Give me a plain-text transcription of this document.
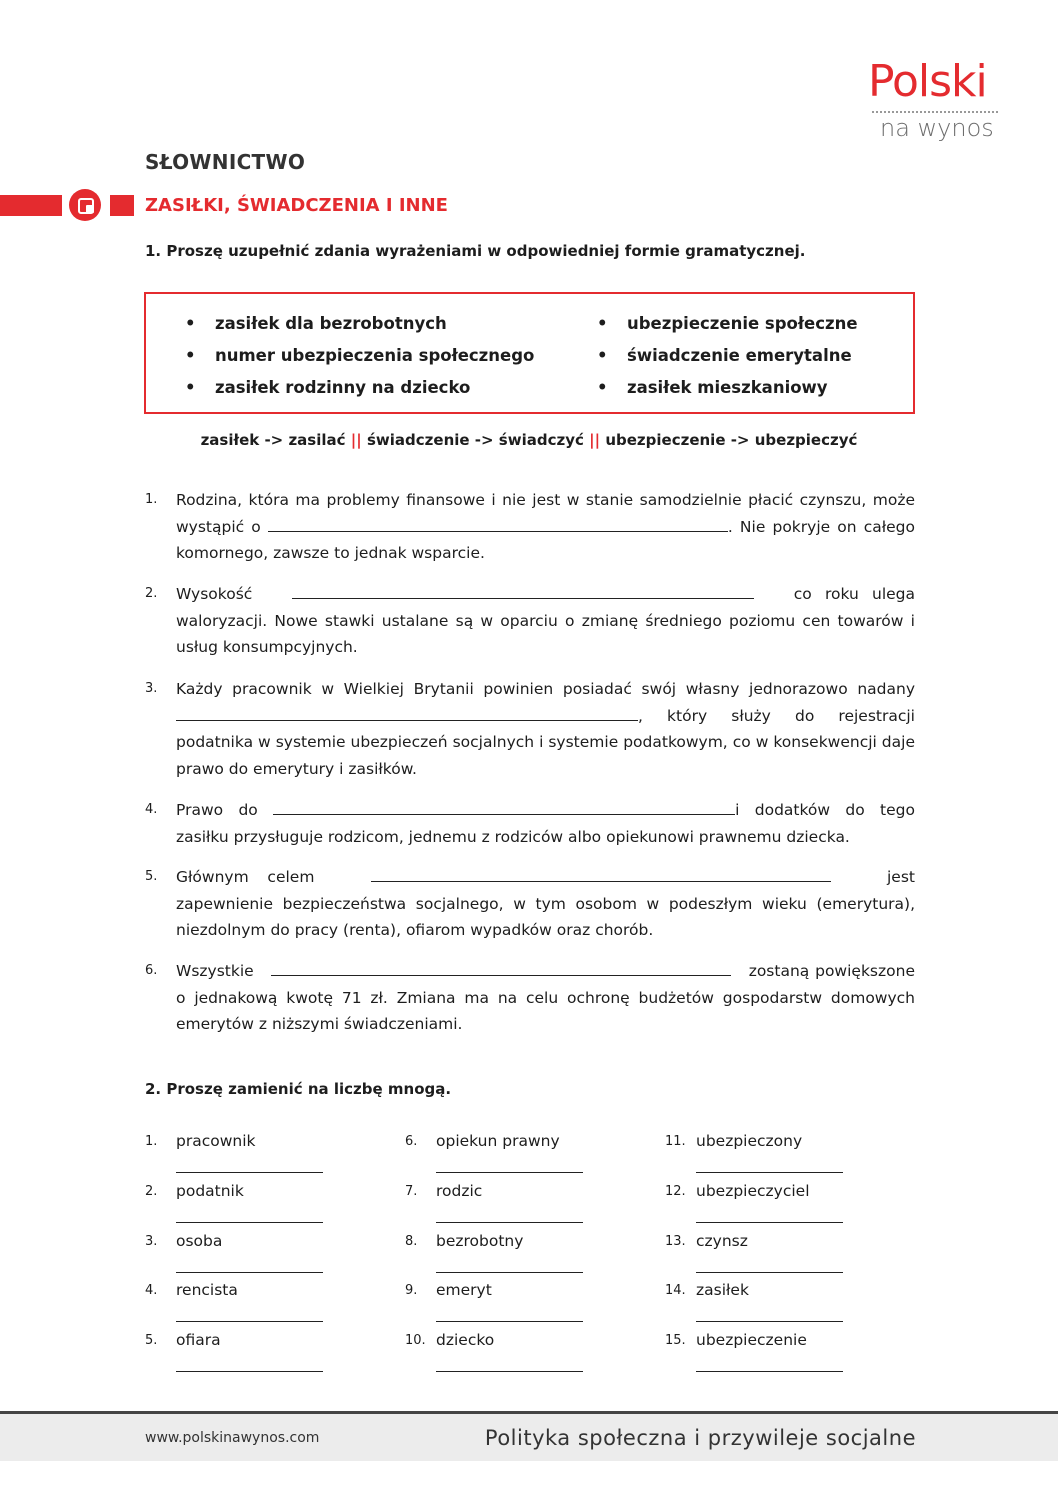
Polski
na wynos
SŁOWNICTWO
ZASIŁKI, ŚWIADCZENIA I INNE
1. Proszę uzupełnić zdania wyrażeniami w odpowiedniej formie gramatycznej.
• zasiłek dla bezrobotnych
• numer ubezpieczenia społecznego
• zasiłek rodzinny na dziecko
• ubezpieczenie społeczne
• świadczenie emerytalne
• zasiłek mieszkaniowy
zasiłek -> zasilać || świadczenie -> świadczyć || ubezpieczenie -> ubezpieczyć
1.	Rodzina, która ma problemy finansowe i nie jest w stanie samodzielnie płacić czynszu, może wystąpić o	. Nie pokryje on całego komornego, zawsze to jednak wsparcie.
2.	Wysokość	co roku ulega waloryzacji. Nowe stawki ustalane są w oparciu o zmianę średniego poziomu cen towarów i usług konsumpcyjnych.
3.	Każdy pracownik w Wielkiej Brytanii powinien posiadać swój własny jednorazowo nadany , który służy do rejestracji podatnika w systemie ubezpieczeń socjalnych i systemie podatkowym, co w konsekwencji daje prawo do emerytury i zasiłków.
4.	Prawo do	i dodatków do tego zasiłku przysługuje rodzicom, jednemu z rodziców albo opiekunowi prawnemu dziecka.
5.	Głównym celem	jest zapewnienie bezpieczeństwa socjalnego, w tym osobom w podeszłym wieku (emerytura), niezdolnym do pracy (renta), ofiarom wypadków oraz chorób.
6.	Wszystkie	zostaną powiększone o jednakową kwotę 71 zł. Zmiana ma na celu ochronę budżetów gospodarstw domowych emerytów z niższymi świadczeniami.
2. Proszę zamienić na liczbę mnogą.
1. pracownik
2. podatnik
3. osoba
4. rencista
5. ofiara
6. opiekun prawny
7. rodzic
8. bezrobotny
9. emeryt
10. dziecko
11. ubezpieczony
12. ubezpieczyciel
13. czynsz
14. zasiłek
15. ubezpieczenie
www.polskinawynos.com	Polityka społeczna i przywileje socjalne
